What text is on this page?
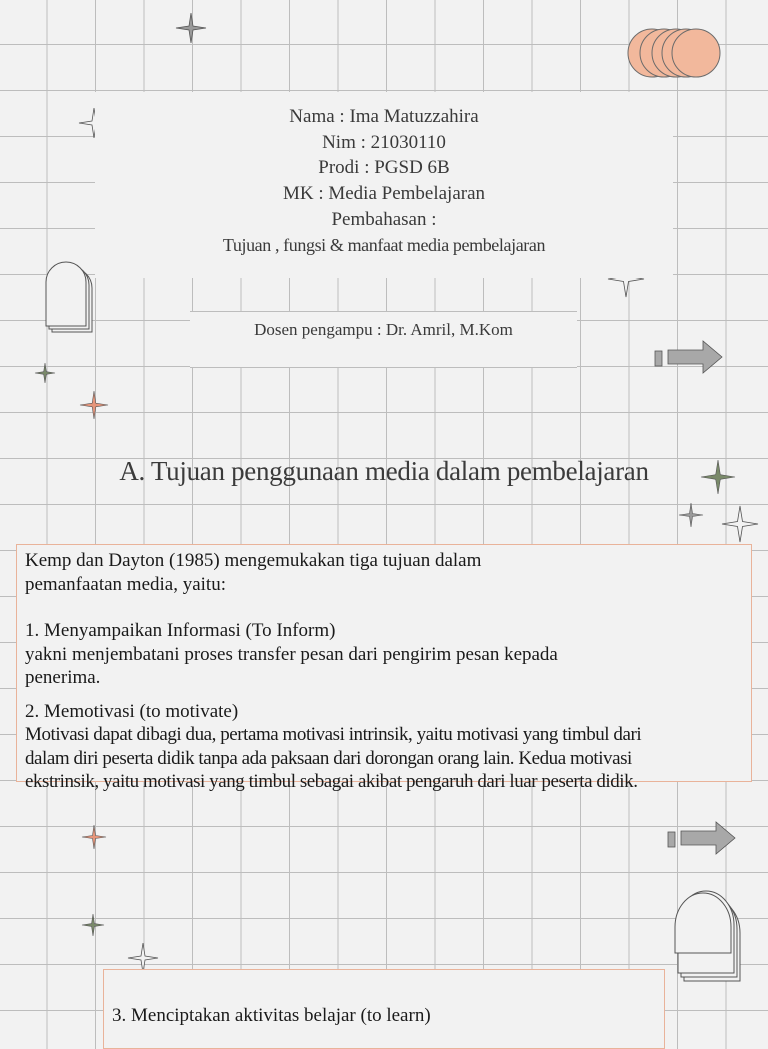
Nama : Ima Matuzzahira
Nim : 21030110
Prodi : PGSD 6B
MK : Media Pembelajaran
Pembahasan :
Tujuan , fungsi & manfaat media pembelajaran
Dosen pengampu : Dr. Amril, M.Kom
A. Tujuan penggunaan media dalam pembelajaran

Kemp dan Dayton (1985) mengemukakan tiga tujuan dalam

pemanfaatan media, yaitu:

1. Menyampaikan Informasi (To Inform)

yakni menjembatani proses transfer pesan dari pengirim pesan kepada

penerima.

2. Memotivasi (to motivate)

Motivasi dapat dibagi dua, pertama motivasi intrinsik, yaitu motivasi yang timbul dari

dalam diri peserta didik tanpa ada paksaan dari dorongan orang lain. Kedua motivasi

ekstrinsik, yaitu motivasi yang timbul sebagai akibat pengaruh dari luar peserta didik.

3. Menciptakan aktivitas belajar (to learn)
